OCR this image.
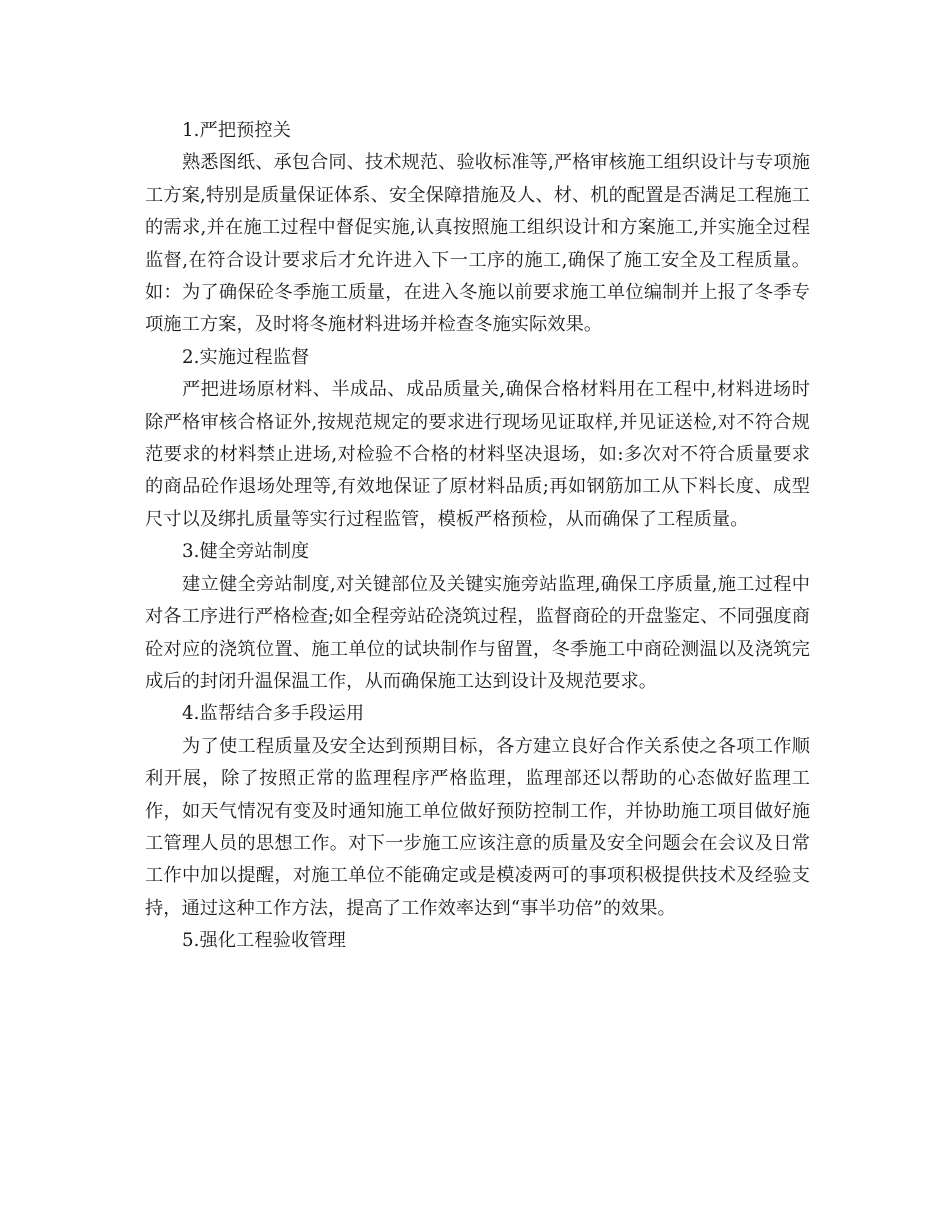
1.严把预控关

熟悉图纸、承包合同、技术规范、验收标准等,严格审核施工组织设计与专项施工方案,特别是质量保证体系、安全保障措施及人、材、机的配置是否满足工程施工的需求,并在施工过程中督促实施,认真按照施工组织设计和方案施工,并实施全过程监督,在符合设计要求后才允许进入下一工序的施工,确保了施工安全及工程质量。如：为了确保砼冬季施工质量，在进入冬施以前要求施工单位编制并上报了冬季专项施工方案，及时将冬施材料进场并检查冬施实际效果。

2.实施过程监督

严把进场原材料、半成品、成品质量关,确保合格材料用在工程中,材料进场时除严格审核合格证外,按规范规定的要求进行现场见证取样,并见证送检,对不符合规范要求的材料禁止进场,对检验不合格的材料坚决退场，如:多次对不符合质量要求的商品砼作退场处理等,有效地保证了原材料品质;再如钢筋加工从下料长度、成型尺寸以及绑扎质量等实行过程监管，模板严格预检，从而确保了工程质量。

3.健全旁站制度

建立健全旁站制度,对关键部位及关键实施旁站监理,确保工序质量,施工过程中对各工序进行严格检查;如全程旁站砼浇筑过程，监督商砼的开盘鉴定、不同强度商砼对应的浇筑位置、施工单位的试块制作与留置，冬季施工中商砼测温以及浇筑完成后的封闭升温保温工作，从而确保施工达到设计及规范要求。

4.监帮结合多手段运用

为了使工程质量及安全达到预期目标，各方建立良好合作关系使之各项工作顺利开展，除了按照正常的监理程序严格监理，监理部还以帮助的心态做好监理工作，如天气情况有变及时通知施工单位做好预防控制工作，并协助施工项目做好施工管理人员的思想工作。对下一步施工应该注意的质量及安全问题会在会议及日常工作中加以提醒，对施工单位不能确定或是模凌两可的事项积极提供技术及经验支持，通过这种工作方法，提高了工作效率达到“事半功倍”的效果。

5.强化工程验收管理
